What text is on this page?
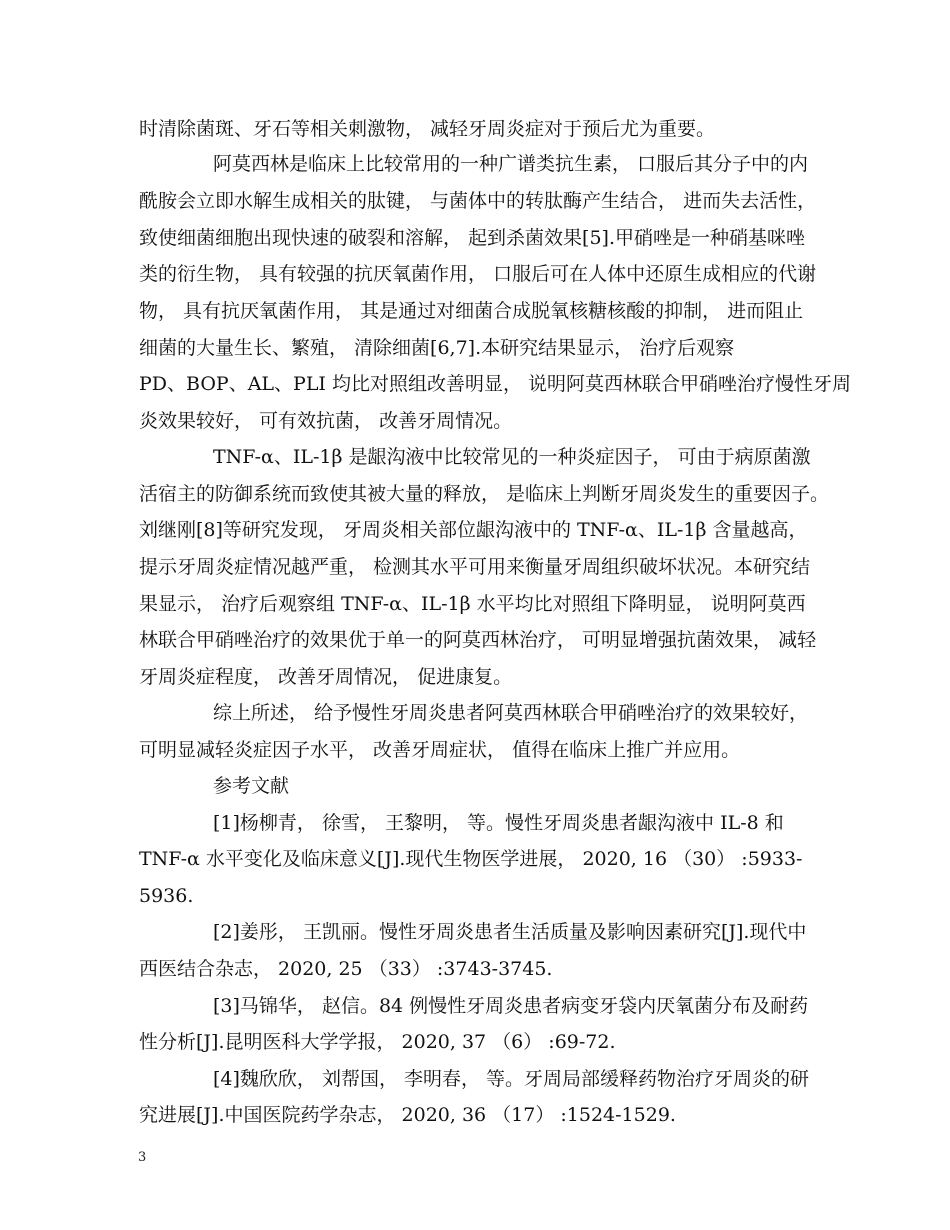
时清除菌斑、牙石等相关刺激物， 减轻牙周炎症对于预后尤为重要。
阿莫西林是临床上比较常用的一种广谱类抗生素， 口服后其分子中的内
酰胺会立即水解生成相关的肽键， 与菌体中的转肽酶产生结合， 进而失去活性，
致使细菌细胞出现快速的破裂和溶解， 起到杀菌效果[5].甲硝唑是一种硝基咪唑
类的衍生物， 具有较强的抗厌氧菌作用， 口服后可在人体中还原生成相应的代谢
物， 具有抗厌氧菌作用， 其是通过对细菌合成脱氧核糖核酸的抑制， 进而阻止
细菌的大量生长、繁殖， 清除细菌[6,7].本研究结果显示， 治疗后观察
PD、BOP、AL、PLI 均比对照组改善明显， 说明阿莫西林联合甲硝唑治疗慢性牙周
炎效果较好， 可有效抗菌， 改善牙周情况。
TNF-α、IL-1β 是龈沟液中比较常见的一种炎症因子， 可由于病原菌激
活宿主的防御系统而致使其被大量的释放， 是临床上判断牙周炎发生的重要因子。
刘继刚[8]等研究发现， 牙周炎相关部位龈沟液中的 TNF-α、IL-1β 含量越高，
提示牙周炎症情况越严重， 检测其水平可用来衡量牙周组织破坏状况。本研究结
果显示， 治疗后观察组 TNF-α、IL-1β 水平均比对照组下降明显， 说明阿莫西
林联合甲硝唑治疗的效果优于单一的阿莫西林治疗， 可明显增强抗菌效果， 减轻
牙周炎症程度， 改善牙周情况， 促进康复。
综上所述， 给予慢性牙周炎患者阿莫西林联合甲硝唑治疗的效果较好，
可明显减轻炎症因子水平， 改善牙周症状， 值得在临床上推广并应用。
参考文献
[1]杨柳青， 徐雪， 王黎明， 等。慢性牙周炎患者龈沟液中 IL-8 和
TNF-α 水平变化及临床意义[J].现代生物医学进展， 2020, 16 （30） :5933-
5936.
[2]姜彤， 王凯丽。慢性牙周炎患者生活质量及影响因素研究[J].现代中
西医结合杂志， 2020, 25 （33） :3743-3745.
[3]马锦华， 赵信。84 例慢性牙周炎患者病变牙袋内厌氧菌分布及耐药
性分析[J].昆明医科大学学报， 2020, 37 （6） :69-72.
[4]魏欣欣， 刘帮国， 李明春， 等。牙周局部缓释药物治疗牙周炎的研
究进展[J].中国医院药学杂志， 2020, 36 （17） :1524-1529.
3
